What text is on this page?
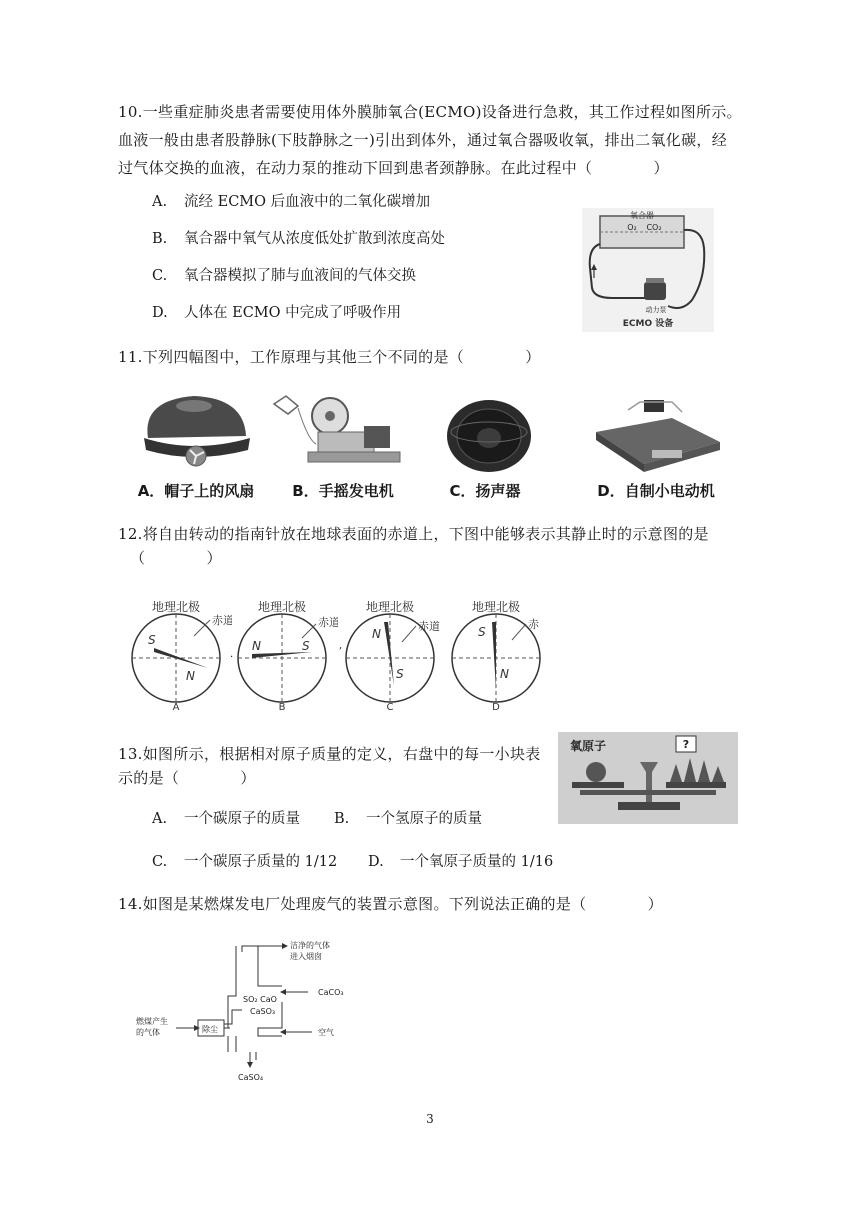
10.一些重症肺炎患者需要使用体外膜肺氧合(ECMO)设备进行急救，其工作过程如图所示。
血液一般由患者股静脉(下肢静脉之一)引出到体外，通过氧合器吸收氧，排出二氧化碳，经
过气体交换的血液，在动力泵的推动下回到患者颈静脉。在此过程中（　　　　）
A. 流经 ECMO 后血液中的二氧化碳增加
B. 氧合器中氧气从浓度低处扩散到浓度高处
C. 氧合器模拟了肺与血液间的气体交换
D. 人体在 ECMO 中完成了呼吸作用
氧合器
O₂ CO₂
动力泵
ECMO 设备
11.下列四幅图中，工作原理与其他三个不同的是（　　　　）
A．帽子上的风扇	B．手摇发电机	C．扬声器	D．自制小电动机
12.将自由转动的指南针放在地球表面的赤道上，下图中能够表示其静止时的示意图的是
（　　　　）
地理北极
赤道
S
N
A
·
地理北极
赤道
N	S
B
,
地理北极
赤道
N
S
C
地理北极
赤
S
N
D
13.如图所示，根据相对原子质量的定义，右盘中的每一小块表
示的是（　　　　）
A. 一个碳原子的质量 B. 一个氢原子的质量
C. 一个碳原子质量的 1/12 D. 一个氧原子质量的 1/16
氧原子	?
14.如图是某燃煤发电厂处理废气的装置示意图。下列说法正确的是（　　　　）
洁净的气体
进入烟囱
CaCO₃
SO₂ CaO
CaSO₃
空气
燃煤产生
的气体	除尘
CaSO₄
3
